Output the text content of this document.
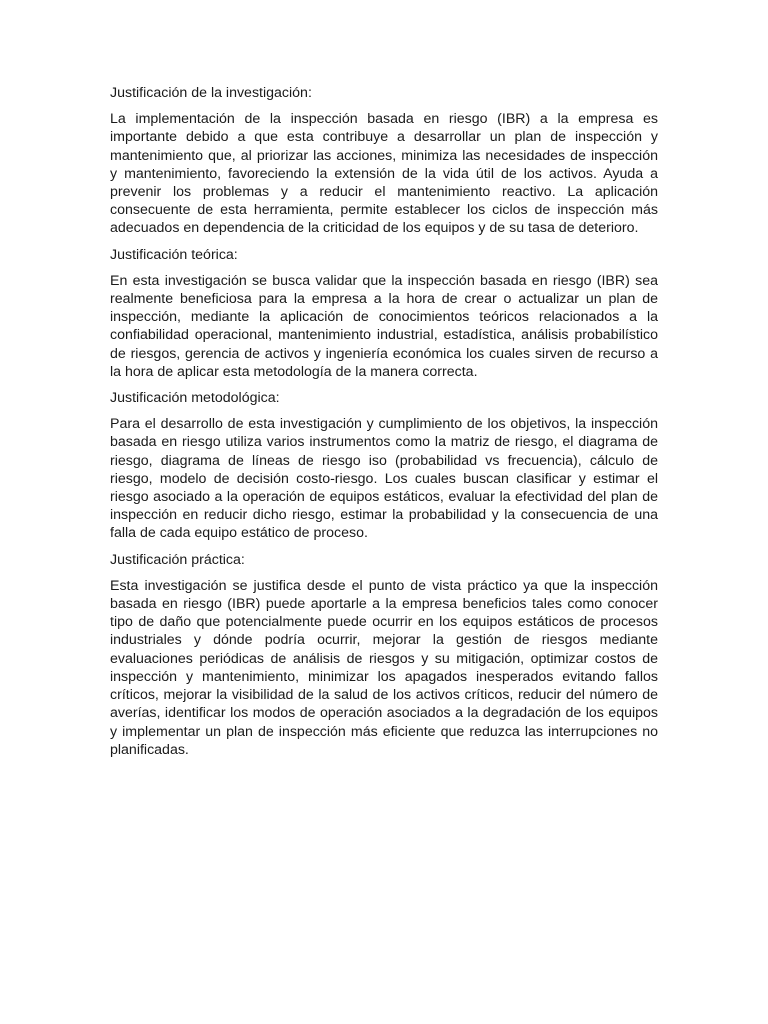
Justificación de la investigación:

La implementación de la inspección basada en riesgo (IBR) a la empresa es importante debido a que esta contribuye a desarrollar un plan de inspección y mantenimiento que, al priorizar las acciones, minimiza las necesidades de inspección y mantenimiento, favoreciendo la extensión de la vida útil de los activos. Ayuda a prevenir los problemas y a reducir el mantenimiento reactivo. La aplicación consecuente de esta herramienta, permite establecer los ciclos de inspección más adecuados en dependencia de la criticidad de los equipos y de su tasa de deterioro.

Justificación teórica:

En esta investigación se busca validar que la inspección basada en riesgo (IBR) sea realmente beneficiosa para la empresa a la hora de crear o actualizar un plan de inspección, mediante la aplicación de conocimientos teóricos relacionados a la confiabilidad operacional, mantenimiento industrial, estadística, análisis probabilístico de riesgos, gerencia de activos y ingeniería económica los cuales sirven de recurso a la hora de aplicar esta metodología de la manera correcta.

Justificación metodológica:

Para el desarrollo de esta investigación y cumplimiento de los objetivos, la inspección basada en riesgo utiliza varios instrumentos como la matriz de riesgo, el diagrama de riesgo, diagrama de líneas de riesgo iso (probabilidad vs frecuencia), cálculo de riesgo, modelo de decisión costo-riesgo. Los cuales buscan clasificar y estimar el riesgo asociado a la operación de equipos estáticos, evaluar la efectividad del plan de inspección en reducir dicho riesgo, estimar la probabilidad y la consecuencia de una falla de cada equipo estático de proceso.

Justificación práctica:

Esta investigación se justifica desde el punto de vista práctico ya que la inspección basada en riesgo (IBR) puede aportarle a la empresa beneficios tales como conocer tipo de daño que potencialmente puede ocurrir en los equipos estáticos de procesos industriales y dónde podría ocurrir, mejorar la gestión de riesgos mediante evaluaciones periódicas de análisis de riesgos y su mitigación, optimizar costos de inspección y mantenimiento, minimizar los apagados inesperados evitando fallos críticos, mejorar la visibilidad de la salud de los activos críticos, reducir del número de averías, identificar los modos de operación asociados a la degradación de los equipos y implementar un plan de inspección más eficiente que reduzca las interrupciones no planificadas.
